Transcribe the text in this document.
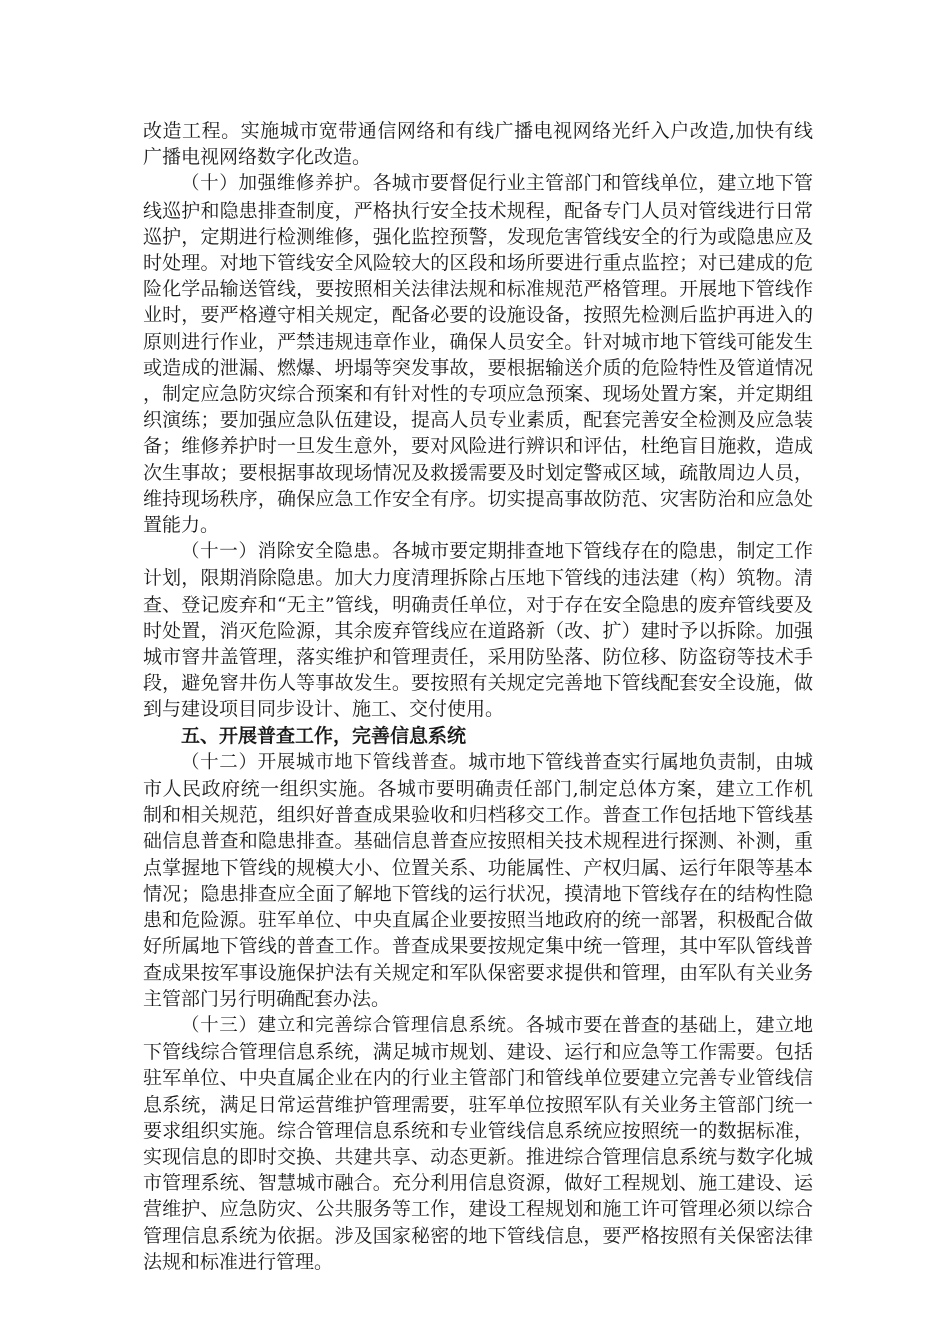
改造工程。实施城市宽带通信网络和有线广播电视网络光纤入户改造,加快有线广播电视网络数字化改造。

（十）加强维修养护。各城市要督促行业主管部门和管线单位，建立地下管线巡护和隐患排查制度，严格执行安全技术规程，配备专门人员对管线进行日常巡护，定期进行检测维修，强化监控预警，发现危害管线安全的行为或隐患应及时处理。对地下管线安全风险较大的区段和场所要进行重点监控；对已建成的危险化学品输送管线，要按照相关法律法规和标准规范严格管理。开展地下管线作业时，要严格遵守相关规定，配备必要的设施设备，按照先检测后监护再进入的原则进行作业，严禁违规违章作业，确保人员安全。针对城市地下管线可能发生或造成的泄漏、燃爆、坍塌等突发事故，要根据输送介质的危险特性及管道情况，制定应急防灾综合预案和有针对性的专项应急预案、现场处置方案，并定期组织演练；要加强应急队伍建设，提高人员专业素质，配套完善安全检测及应急装备；维修养护时一旦发生意外，要对风险进行辨识和评估，杜绝盲目施救，造成次生事故；要根据事故现场情况及救援需要及时划定警戒区域，疏散周边人员，维持现场秩序，确保应急工作安全有序。切实提高事故防范、灾害防治和应急处置能力。

（十一）消除安全隐患。各城市要定期排查地下管线存在的隐患，制定工作计划，限期消除隐患。加大力度清理拆除占压地下管线的违法建（构）筑物。清查、登记废弃和“无主”管线，明确责任单位，对于存在安全隐患的废弃管线要及时处置，消灭危险源，其余废弃管线应在道路新（改、扩）建时予以拆除。加强城市窨井盖管理，落实维护和管理责任，采用防坠落、防位移、防盗窃等技术手段，避免窨井伤人等事故发生。要按照有关规定完善地下管线配套安全设施，做到与建设项目同步设计、施工、交付使用。

五、开展普查工作，完善信息系统

（十二）开展城市地下管线普查。城市地下管线普查实行属地负责制，由城市人民政府统一组织实施。各城市要明确责任部门,制定总体方案，建立工作机制和相关规范，组织好普查成果验收和归档移交工作。普查工作包括地下管线基础信息普查和隐患排查。基础信息普查应按照相关技术规程进行探测、补测，重点掌握地下管线的规模大小、位置关系、功能属性、产权归属、运行年限等基本情况；隐患排查应全面了解地下管线的运行状况，摸清地下管线存在的结构性隐患和危险源。驻军单位、中央直属企业要按照当地政府的统一部署，积极配合做好所属地下管线的普查工作。普查成果要按规定集中统一管理，其中军队管线普查成果按军事设施保护法有关规定和军队保密要求提供和管理，由军队有关业务主管部门另行明确配套办法。

（十三）建立和完善综合管理信息系统。各城市要在普查的基础上，建立地下管线综合管理信息系统，满足城市规划、建设、运行和应急等工作需要。包括驻军单位、中央直属企业在内的行业主管部门和管线单位要建立完善专业管线信息系统，满足日常运营维护管理需要，驻军单位按照军队有关业务主管部门统一要求组织实施。综合管理信息系统和专业管线信息系统应按照统一的数据标准，实现信息的即时交换、共建共享、动态更新。推进综合管理信息系统与数字化城市管理系统、智慧城市融合。充分利用信息资源，做好工程规划、施工建设、运营维护、应急防灾、公共服务等工作，建设工程规划和施工许可管理必须以综合管理信息系统为依据。涉及国家秘密的地下管线信息，要严格按照有关保密法律法规和标准进行管理。
